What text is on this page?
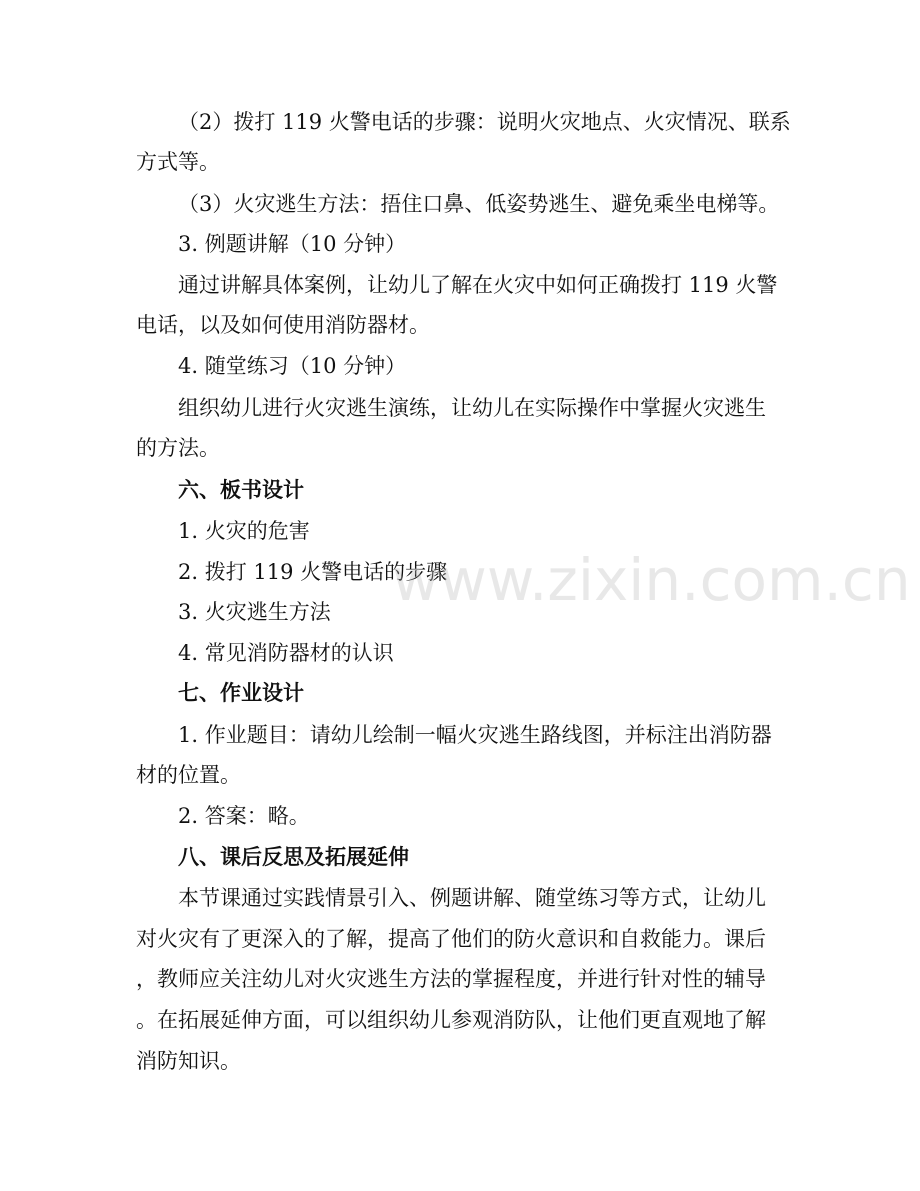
（2）拨打 119 火警电话的步骤：说明火灾地点、火灾情况、联系
方式等。
（3）火灾逃生方法：捂住口鼻、低姿势逃生、避免乘坐电梯等。
3. 例题讲解（10 分钟）
通过讲解具体案例，让幼儿了解在火灾中如何正确拨打 119 火警
电话，以及如何使用消防器材。
4. 随堂练习（10 分钟）
组织幼儿进行火灾逃生演练，让幼儿在实际操作中掌握火灾逃生
的方法。
六、板书设计
1. 火灾的危害
2. 拨打 119 火警电话的步骤
3. 火灾逃生方法
4. 常见消防器材的认识
七、作业设计
1. 作业题目：请幼儿绘制一幅火灾逃生路线图，并标注出消防器
材的位置。
2. 答案：略。
八、课后反思及拓展延伸
本节课通过实践情景引入、例题讲解、随堂练习等方式，让幼儿
对火灾有了更深入的了解，提高了他们的防火意识和自救能力。课后
，教师应关注幼儿对火灾逃生方法的掌握程度，并进行针对性的辅导
。在拓展延伸方面，可以组织幼儿参观消防队，让他们更直观地了解
消防知识。
www.zixin.com.cn
